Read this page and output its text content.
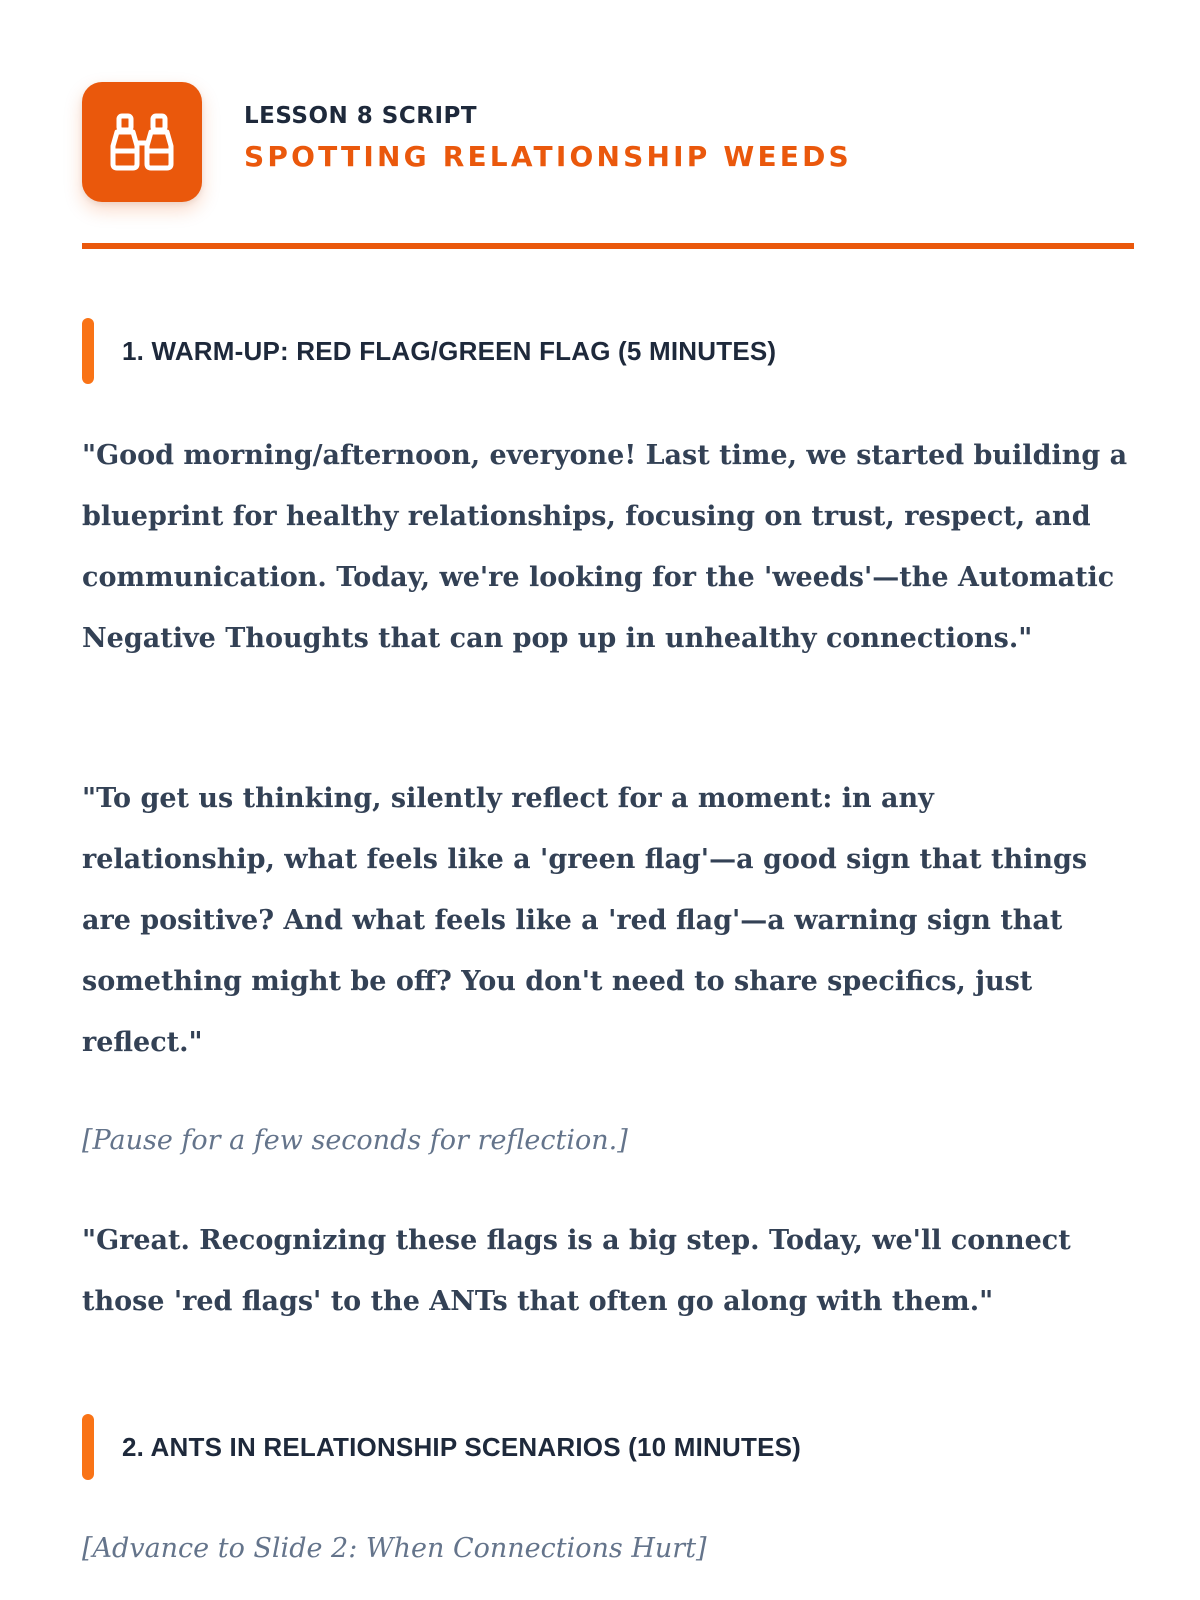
LESSON 8 SCRIPT
SPOTTING RELATIONSHIP WEEDS
1. WARM-UP: RED FLAG/GREEN FLAG (5 MINUTES)

"Good morning/afternoon, everyone! Last time, we started building a blueprint for healthy relationships, focusing on trust, respect, and communication. Today, we're looking for the 'weeds'—the Automatic Negative Thoughts that can pop up in unhealthy connections."

"To get us thinking, silently reflect for a moment: in any relationship, what feels like a 'green flag'—a good sign that things are positive? And what feels like a 'red flag'—a warning sign that something might be off? You don't need to share specifics, just reflect."

[Pause for a few seconds for reflection.]

"Great. Recognizing these flags is a big step. Today, we'll connect those 'red flags' to the ANTs that often go along with them."

2. ANTS IN RELATIONSHIP SCENARIOS (10 MINUTES)

[Advance to Slide 2: When Connections Hurt]
